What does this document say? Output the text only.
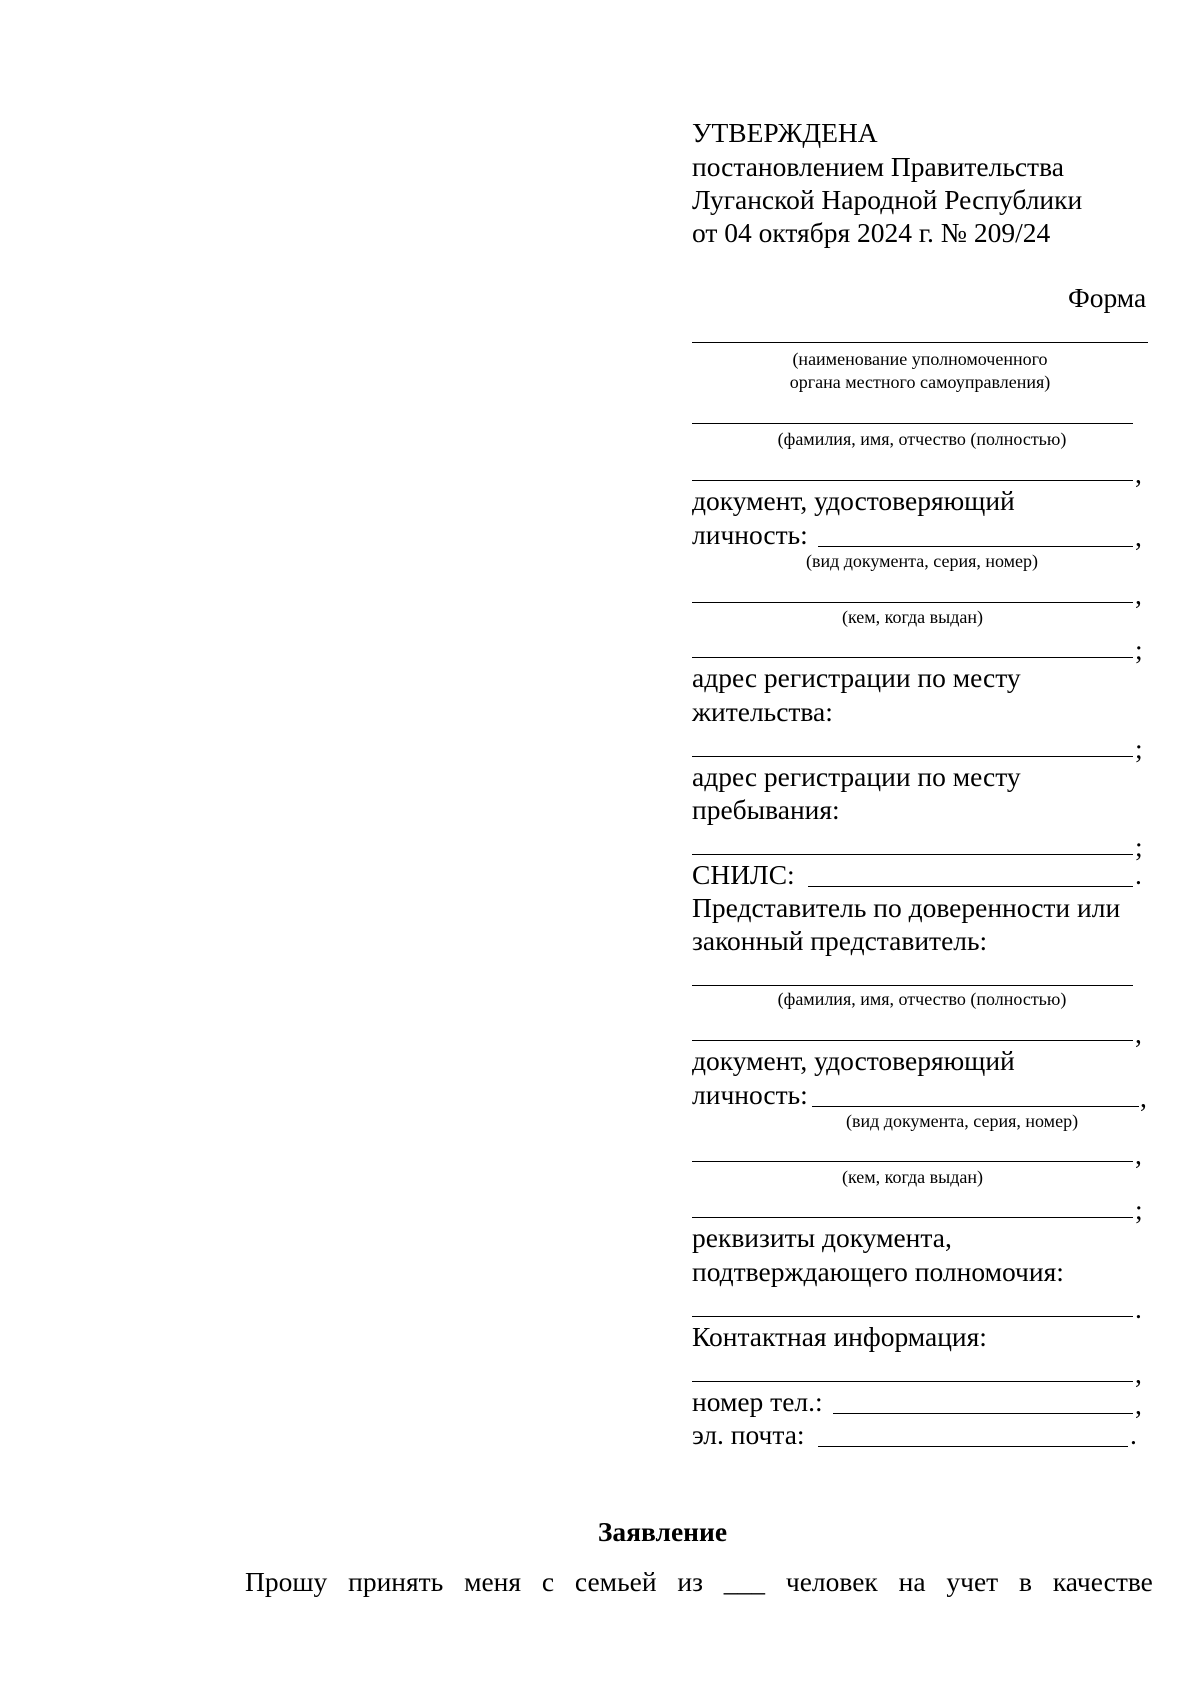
УТВЕРЖДЕНА
постановлением Правительства
Луганской Народной Республики
от 04 октября 2024 г. № 209/24
Форма
(наименование уполномоченного
органа местного самоуправления)
(фамилия, имя, отчество (полностью)
,
документ, удостоверяющий
личность:	,
(вид документа, серия, номер)
,
(кем, когда выдан)
;
адрес регистрации по месту
жительства:
;
адрес регистрации по месту
пребывания:
;
СНИЛС:	.
Представитель по доверенности или
законный представитель:
(фамилия, имя, отчество (полностью)
,
документ, удостоверяющий
личность:	,
(вид документа, серия, номер)
,
(кем, когда выдан)
;
реквизиты документа,
подтверждающего полномочия:
.
Контактная информация:
,
номер тел.:	,
эл. почта:	.
Заявление
Прошу принять меня с семьей из ___ человек на учет в качестве
